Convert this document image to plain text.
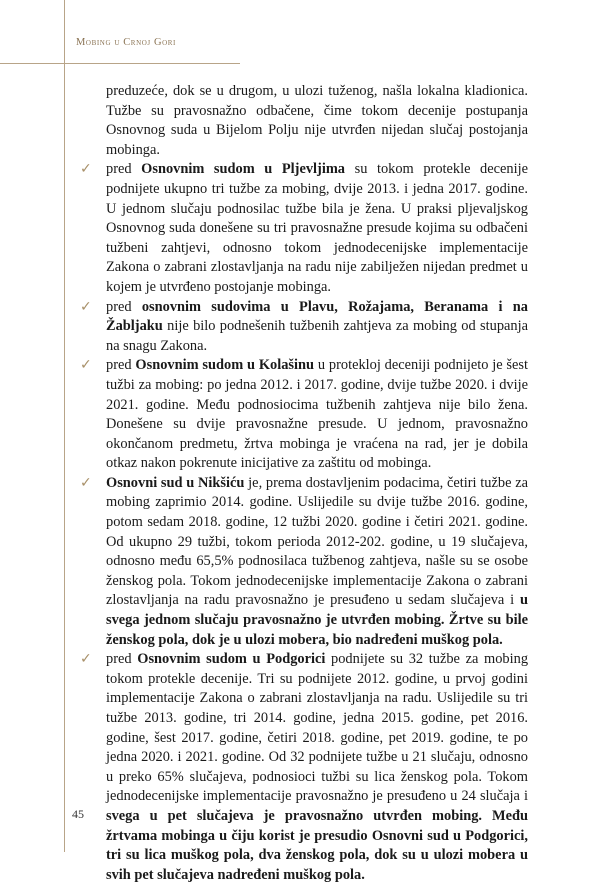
Mobing u Crnoj Gori

preduzeće, dok se u drugom, u ulozi tuženog, našla lokalna kladionica. Tužbe su pravosnažno odbačene, čime tokom decenije postupanja Osnovnog suda u Bijelom Polju nije utvrđen nijedan slučaj postojanja mobinga.

✓ pred Osnovnim sudom u Pljevljima su tokom protekle decenije podnijete ukupno tri tužbe za mobing, dvije 2013. i jedna 2017. godine. U jednom slučaju podnosilac tužbe bila je žena. U praksi pljevaljskog Osnovnog suda donešene su tri pravosnažne presude kojima su odbačeni tužbeni zahtjevi, odnosno tokom jednodecenijske implementacije Zakona o zabrani zlostavljanja na radu nije zabilježen nijedan predmet u kojem je utvrđeno postojanje mobinga.
✓ pred osnovnim sudovima u Plavu, Rožajama, Beranama i na Žabljaku nije bilo podnešenih tužbenih zahtjeva za mobing od stupanja na snagu Zakona.
✓ pred Osnovnim sudom u Kolašinu u proteklој deceniji podnijeto je šest tužbi za mobing: po jedna 2012. i 2017. godine, dvije tužbe 2020. i dvije 2021. godine. Među podnosiocima tužbenih zahtjeva nije bilo žena. Donešene su dvije pravosnažne presude. U jednom, pravosnažno okončanom predmetu, žrtva mobinga je vraćena na rad, jer je dobila otkaz nakon pokrenute inicijative za zaštitu od mobinga.
✓ Osnovni sud u Nikšiću je, prema dostavljenim podacima, četiri tužbe za mobing zaprimio 2014. godine. Uslijedile su dvije tužbe 2016. godine, potom sedam 2018. godine, 12 tužbi 2020. godine i četiri 2021. godine. Od ukupno 29 tužbi, tokom perioda 2012-202. godine, u 19 slučajeva, odnosno među 65,5% podnosilaca tužbenog zahtjeva, našle su se osobe ženskog pola. Tokom jednodecenijske implementacije Zakona o zabrani zlostavljanja na radu pravosnažno je presuđeno u sedam slučajeva i u svega jednom slučaju pravosnažno je utvrđen mobing. Žrtve su bile ženskog pola, dok je u ulozi mobera, bio nadređeni muškog pola.
✓ pred Osnovnim sudom u Podgorici podnijete su 32 tužbe za mobing tokom protekle decenije. Tri su podnijete 2012. godine, u prvoj godini implementacije Zakona o zabrani zlostavljanja na radu. Uslijedile su tri tužbe 2013. godine, tri 2014. godine, jedna 2015. godine, pet 2016. godine, šest 2017. godine, četiri 2018. godine, pet 2019. godine, te po jedna 2020. i 2021. godine. Od 32 podnijete tužbe u 21 slučaju, odnosno u preko 65% slučajeva, podnosioci tužbi su lica ženskog pola. Tokom jednodecenijske implementacije pravosnažno je presuđeno u 24 slučaja i svega u pet slučajeva je pravosnažno utvrđen mobing. Među žrtvama mobinga u čiju korist je presudio Osnovni sud u Podgorici, tri su lica muškog pola, dva ženskog pola, dok su u ulozi mobera u svih pet slučajeva nadređeni muškog pola.
45
